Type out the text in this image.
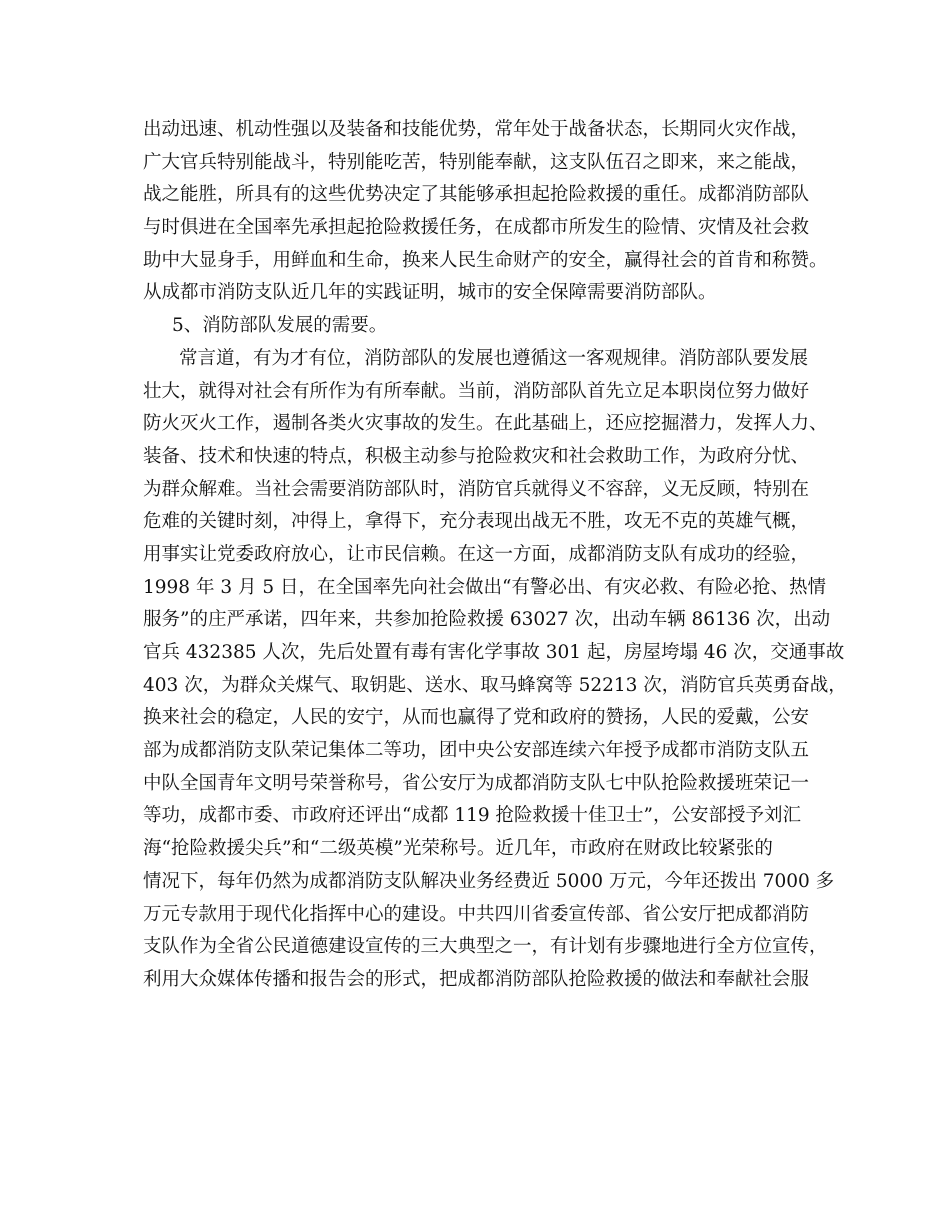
出动迅速、机动性强以及装备和技能优势，常年处于战备状态，长期同火灾作战，
广大官兵特别能战斗，特别能吃苦，特别能奉献，这支队伍召之即来，来之能战，
战之能胜，所具有的这些优势决定了其能够承担起抢险救援的重任。成都消防部队
与时俱进在全国率先承担起抢险救援任务，在成都市所发生的险情、灾情及社会救
助中大显身手，用鲜血和生命，换来人民生命财产的安全，赢得社会的首肯和称赞。
从成都市消防支队近几年的实践证明，城市的安全保障需要消防部队。
5、消防部队发展的需要。
常言道，有为才有位，消防部队的发展也遵循这一客观规律。消防部队要发展
壮大，就得对社会有所作为有所奉献。当前，消防部队首先立足本职岗位努力做好
防火灭火工作，遏制各类火灾事故的发生。在此基础上，还应挖掘潜力，发挥人力、
装备、技术和快速的特点，积极主动参与抢险救灾和社会救助工作，为政府分忧、
为群众解难。当社会需要消防部队时，消防官兵就得义不容辞，义无反顾，特别在
危难的关键时刻，冲得上，拿得下，充分表现出战无不胜，攻无不克的英雄气概，
用事实让党委政府放心，让市民信赖。在这一方面，成都消防支队有成功的经验，
1998 年 3 月 5 日，在全国率先向社会做出“有警必出、有灾必救、有险必抢、热情
服务”的庄严承诺，四年来，共参加抢险救援 63027 次，出动车辆 86136 次，出动
官兵 432385 人次，先后处置有毒有害化学事故 301 起，房屋垮塌 46 次，交通事故
403 次，为群众关煤气、取钥匙、送水、取马蜂窝等 52213 次，消防官兵英勇奋战，
换来社会的稳定，人民的安宁，从而也赢得了党和政府的赞扬，人民的爱戴，公安
部为成都消防支队荣记集体二等功，团中央公安部连续六年授予成都市消防支队五
中队全国青年文明号荣誉称号，省公安厅为成都消防支队七中队抢险救援班荣记一
等功，成都市委、市政府还评出“成都 119 抢险救援十佳卫士”，公安部授予刘汇
海“抢险救援尖兵”和“二级英模”光荣称号。近几年，市政府在财政比较紧张的
情况下，每年仍然为成都消防支队解决业务经费近 5000 万元，今年还拨出 7000 多
万元专款用于现代化指挥中心的建设。中共四川省委宣传部、省公安厅把成都消防
支队作为全省公民道德建设宣传的三大典型之一，有计划有步骤地进行全方位宣传，
利用大众媒体传播和报告会的形式，把成都消防部队抢险救援的做法和奉献社会服
